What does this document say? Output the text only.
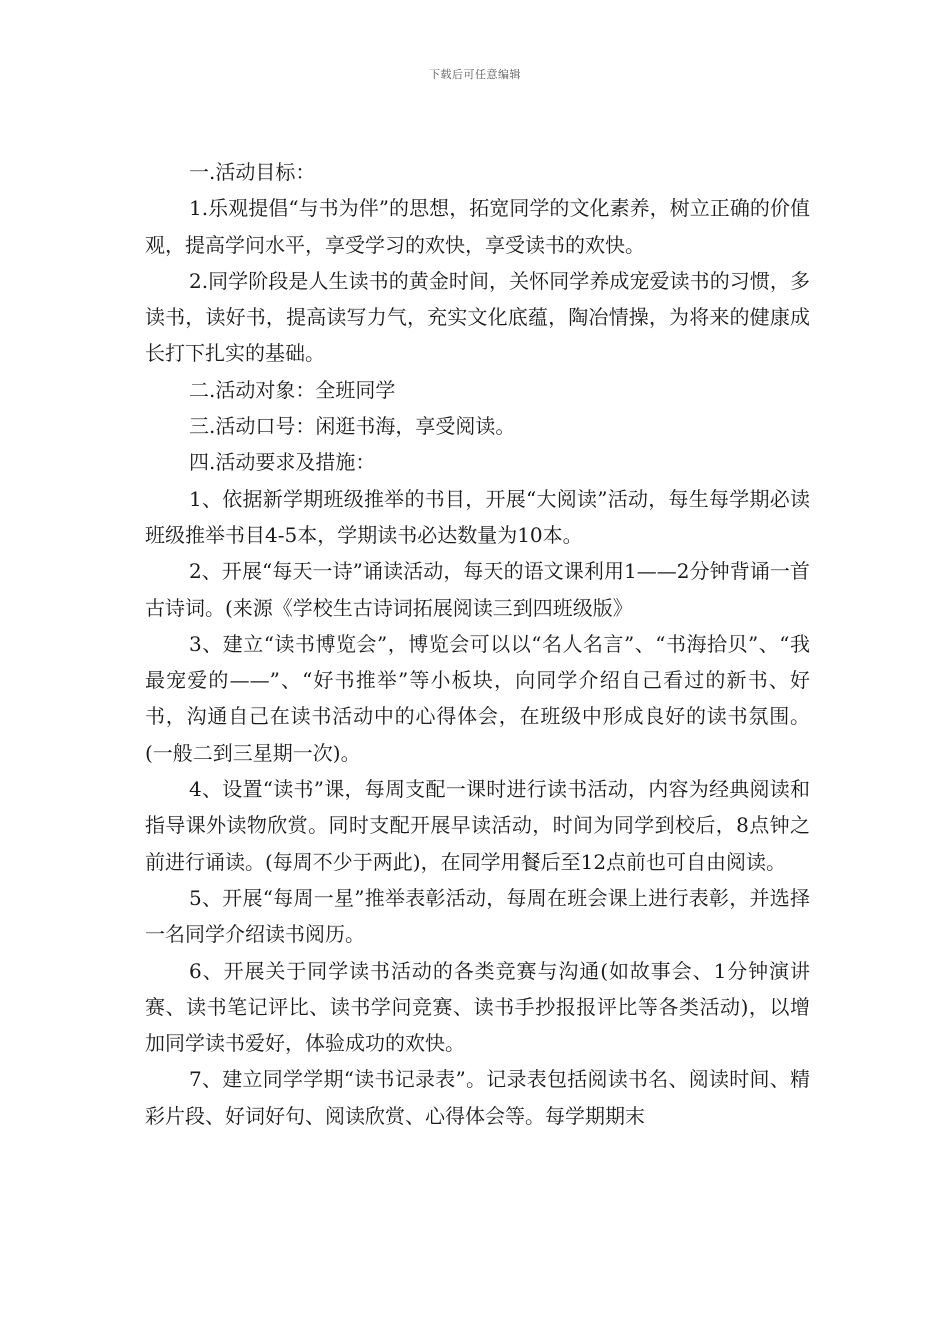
下载后可任意编辑

一.活动目标：

1.乐观提倡“与书为伴”的思想，拓宽同学的文化素养，树立正确的价值观，提高学问水平，享受学习的欢快，享受读书的欢快。

2.同学阶段是人生读书的黄金时间，关怀同学养成宠爱读书的习惯，多读书，读好书，提高读写力气，充实文化底蕴，陶冶情操，为将来的健康成长打下扎实的基础。

二.活动对象：全班同学

三.活动口号：闲逛书海，享受阅读。

四.活动要求及措施：

1、依据新学期班级推举的书目，开展“大阅读”活动，每生每学期必读班级推举书目4-5本，学期读书必达数量为10本。

2、开展“每天一诗”诵读活动，每天的语文课利用1——2分钟背诵一首古诗词。(来源《学校生古诗词拓展阅读三到四班级版》

3、建立“读书博览会”，博览会可以以“名人名言”、“书海拾贝”、“我最宠爱的——”、“好书推举”等小板块，向同学介绍自己看过的新书、好书，沟通自己在读书活动中的心得体会，在班级中形成良好的读书氛围。(一般二到三星期一次)。

4、设置“读书”课，每周支配一课时进行读书活动，内容为经典阅读和指导课外读物欣赏。同时支配开展早读活动，时间为同学到校后，8点钟之前进行诵读。(每周不少于两此)，在同学用餐后至12点前也可自由阅读。

5、开展“每周一星”推举表彰活动，每周在班会课上进行表彰，并选择一名同学介绍读书阅历。

6、开展关于同学读书活动的各类竞赛与沟通(如故事会、1分钟演讲赛、读书笔记评比、读书学问竞赛、读书手抄报报评比等各类活动)，以增加同学读书爱好，体验成功的欢快。

7、建立同学学期“读书记录表”。记录表包括阅读书名、阅读时间、精彩片段、好词好句、阅读欣赏、心得体会等。每学期期末
